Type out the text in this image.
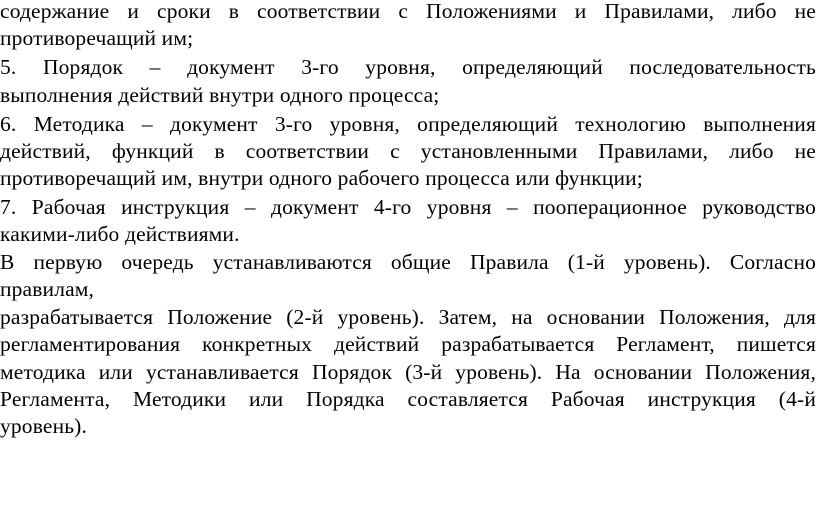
содержание и сроки в соответствии с Положениями и Правилами, либо не
противоречащий им;
5. Порядок – документ 3-го уровня, определяющий последовательность
выполнения действий внутри одного процесса;
6. Методика – документ 3-го уровня, определяющий технологию выполнения
действий, функций в соответствии с установленными Правилами, либо не
противоречащий им, внутри одного рабочего процесса или функции;
7. Рабочая инструкция – документ 4-го уровня – пооперационное руководство
какими-либо действиями.
В первую очередь устанавливаются общие Правила (1-й уровень). Согласно
правилам,
разрабатывается Положение (2-й уровень). Затем, на основании Положения, для
регламентирования конкретных действий разрабатывается Регламент, пишется
методика или устанавливается Порядок (3-й уровень). На основании Положения,
Регламента, Методики или Порядка составляется Рабочая инструкция (4-й
уровень).
